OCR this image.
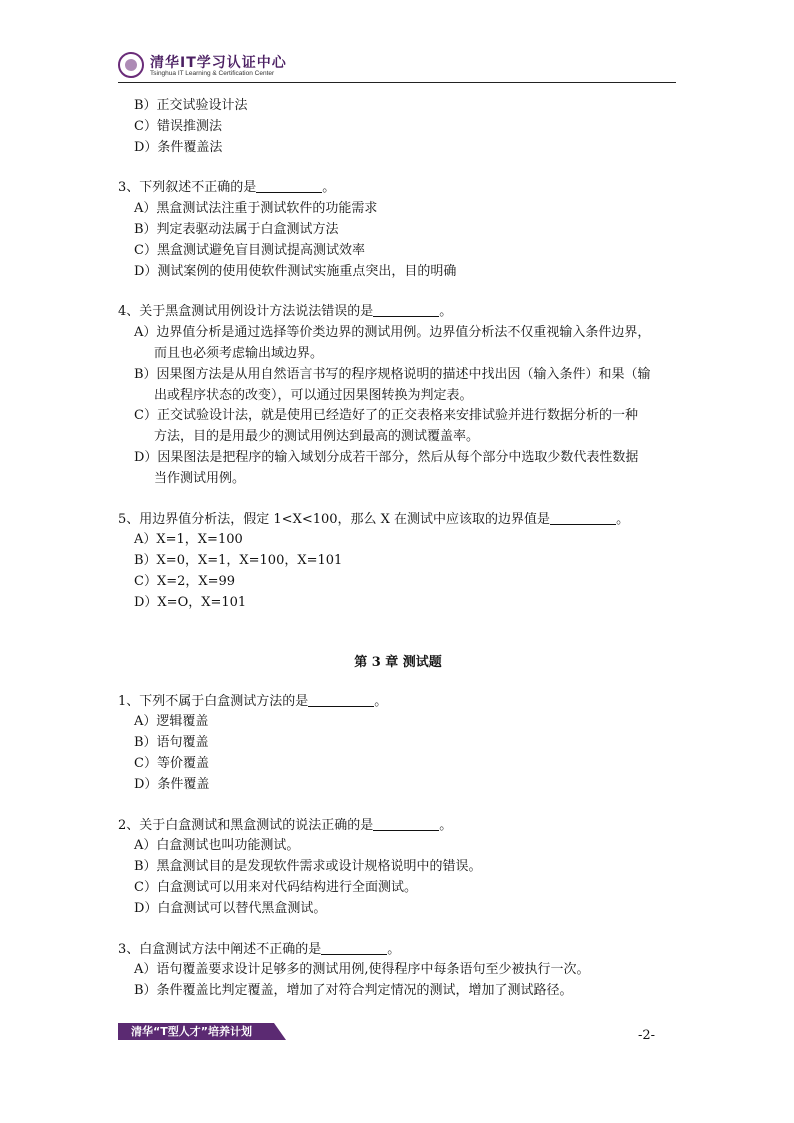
清华IT学习认证中心
Tsinghua IT Learning & Certification Center
B）正交试验设计法
C）错误推测法
D）条件覆盖法
3、下列叙述不正确的是	。
A）黑盒测试法注重于测试软件的功能需求
B）判定表驱动法属于白盒测试方法
C）黑盒测试避免盲目测试提高测试效率
D）测试案例的使用使软件测试实施重点突出，目的明确
4、关于黑盒测试用例设计方法说法错误的是	。
A）边界值分析是通过选择等价类边界的测试用例。边界值分析法不仅重视输入条件边界，
而且也必须考虑输出域边界。
B）因果图方法是从用自然语言书写的程序规格说明的描述中找出因（输入条件）和果（输
出或程序状态的改变），可以通过因果图转换为判定表。
C）正交试验设计法，就是使用已经造好了的正交表格来安排试验并进行数据分析的一种
方法，目的是用最少的测试用例达到最高的测试覆盖率。
D）因果图法是把程序的输入域划分成若干部分，然后从每个部分中选取少数代表性数据
当作测试用例。
5、用边界值分析法，假定 1<X<100，那么 X 在测试中应该取的边界值是	。
A）X=1，X=100
B）X=0，X=1，X=100，X=101
C）X=2，X=99
D）X=O，X=101
第 3 章 测试题
1、下列不属于白盒测试方法的是	。
A）逻辑覆盖
B）语句覆盖
C）等价覆盖
D）条件覆盖
2、关于白盒测试和黑盒测试的说法正确的是	。
A）白盒测试也叫功能测试。
B）黑盒测试目的是发现软件需求或设计规格说明中的错误。
C）白盒测试可以用来对代码结构进行全面测试。
D）白盒测试可以替代黑盒测试。
3、白盒测试方法中阐述不正确的是	。
A）语句覆盖要求设计足够多的测试用例,使得程序中每条语句至少被执行一次。
B）条件覆盖比判定覆盖，增加了对符合判定情况的测试，增加了测试路径。
清华“T型人才”培养计划	-2-
